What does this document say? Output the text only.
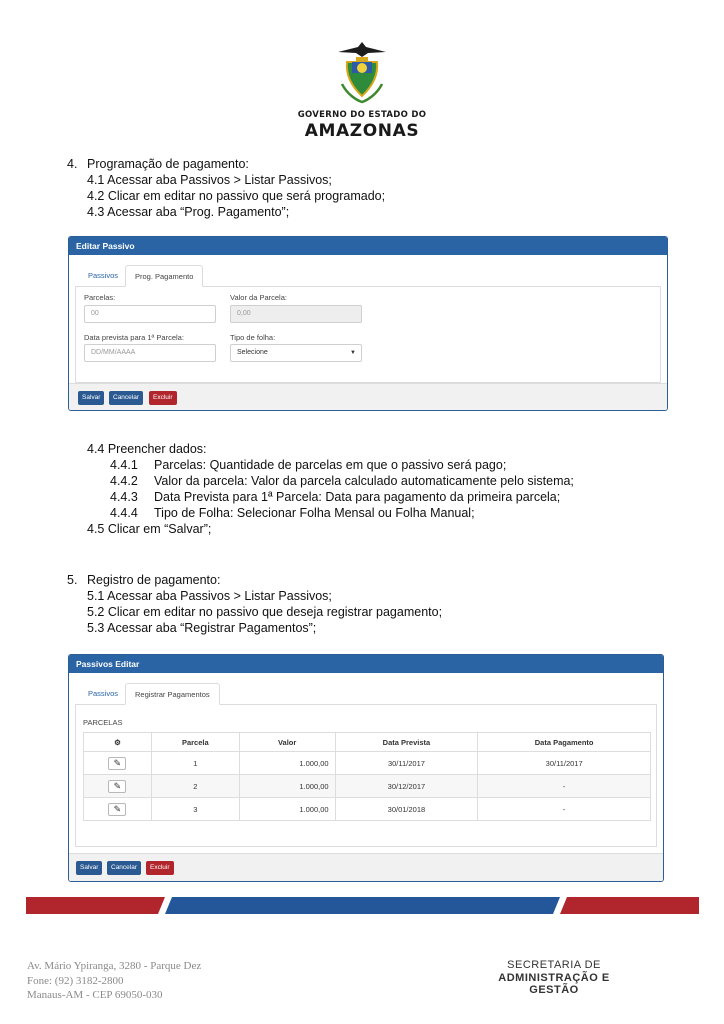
GOVERNO DO ESTADO DO
AMAZONAS
4. Programação de pagamento:
4.1 Acessar aba Passivos > Listar Passivos;
4.2 Clicar em editar no passivo que será programado;
4.3 Acessar aba “Prog. Pagamento”;
Editar Passivo
Passivos	Prog. Pagamento
Parcelas:
00
Valor da Parcela:
0,00
Data prevista para 1ª Parcela:
DD/MM/AAAA
Tipo de folha:
Selecione	▼
Salvar	Cancelar	Excluir
4.4 Preencher dados:
4.4.1 Parcelas: Quantidade de parcelas em que o passivo será pago;
4.4.2 Valor da parcela: Valor da parcela calculado automaticamente pelo sistema;
4.4.3 Data Prevista para 1ª Parcela: Data para pagamento da primeira parcela;
4.4.4 Tipo de Folha: Selecionar Folha Mensal ou Folha Manual;
4.5 Clicar em “Salvar”;
5. Registro de pagamento:
5.1 Acessar aba Passivos > Listar Passivos;
5.2 Clicar em editar no passivo que deseja registrar pagamento;
5.3 Acessar aba “Registrar Pagamentos”;
Passivos Editar
Passivos	Registrar Pagamentos
PARCELAS
⚙	Parcela	Valor	Data Prevista	Data Pagamento
✎	1	1.000,00	30/11/2017	30/11/2017
✎	2	1.000,00	30/12/2017	-
✎	3	1.000,00	30/01/2018	-
Salvar	Cancelar	Excluir
Av. Mário Ypiranga, 3280 - Parque Dez
Fone: (92) 3182-2800
Manaus-AM - CEP 69050-030
SECRETARIA DE
ADMINISTRAÇÃO E GESTÃO
